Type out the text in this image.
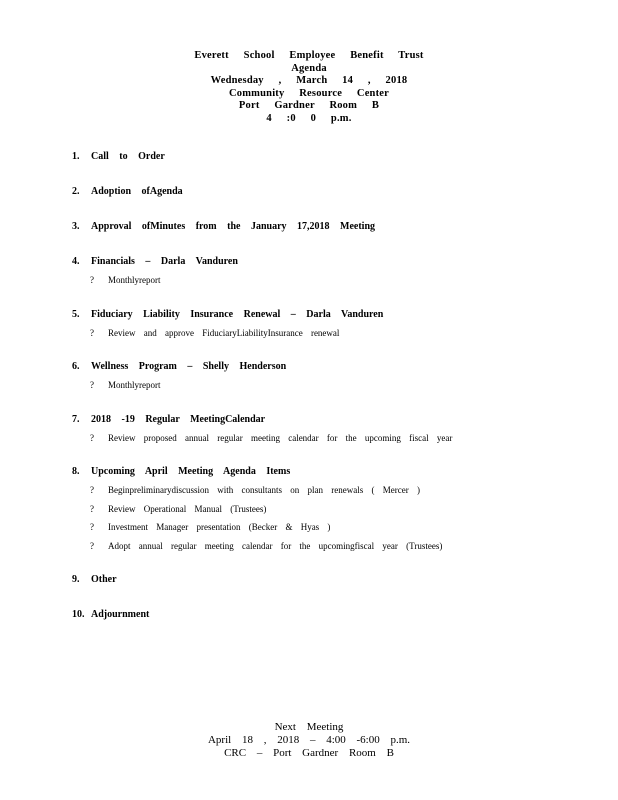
Everett School Employee Benefit Trust
Agenda
Wednesday , March 14 , 2018
Community Resource Center
Port Gardner Room B
4 :0 0 p.m.
1. Call to Order
2. Adoption ofAgenda
3. Approval ofMinutes from the January 17,2018 Meeting
4. Financials – Darla Vanduren
? Monthlyreport
5. Fiduciary Liability Insurance Renewal – Darla Vanduren
? Review and approve FiduciaryLiabilityInsurance renewal
6. Wellness Program – Shelly Henderson
? Monthlyreport
7. 2018 -19 Regular MeetingCalendar
? Review proposed annual regular meeting calendar for the upcoming fiscal year
8. Upcoming April Meeting Agenda Items
? Beginpreliminarydiscussion with consultants on plan renewals ( Mercer )
? Review Operational Manual (Trustees)
? Investment Manager presentation (Becker & Hyas )
? Adopt annual regular meeting calendar for the upcomingfiscal year (Trustees)
9. Other
10. Adjournment
Next Meeting
April 18 , 2018 – 4:00 -6:00 p.m.
CRC – Port Gardner Room B
